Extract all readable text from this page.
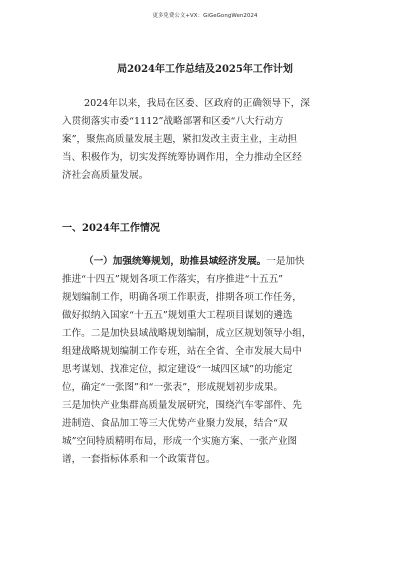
更多免费公文+VX：GiGeGongWen2024
局2024年工作总结及2025年工作计划
2024年以来，我局在区委、区政府的正确领导下，深
入贯彻落实市委“1112”战略部署和区委“八大行动方
案”，聚焦高质量发展主题，紧扣发改主责主业，主动担
当、积极作为，切实发挥统筹协调作用，全力推动全区经
济社会高质量发展。
一、2024年工作情况
（一）加强统筹规划，助推县域经济发展。一是加快
推进“十四五”规划各项工作落实，有序推进“十五五”
规划编制工作，明确各项工作职责，排期各项工作任务，
做好拟纳入国家“十五五”规划重大工程项目谋划的遴选
工作。二是加快县域战略规划编制，成立区规划领导小组，
组建战略规划编制工作专班，站在全省、全市发展大局中
思考谋划、找准定位，拟定建设“一城四区域”的功能定
位，确定“一张图”和“一张表”，形成规划初步成果。
三是加快产业集群高质量发展研究，围绕汽车零部件、先
进制造、食品加工等三大优势产业聚力发展，结合“双
城”空间特质精明布局，形成一个实施方案、一张产业图
谱，一套指标体系和一个政策背包。
